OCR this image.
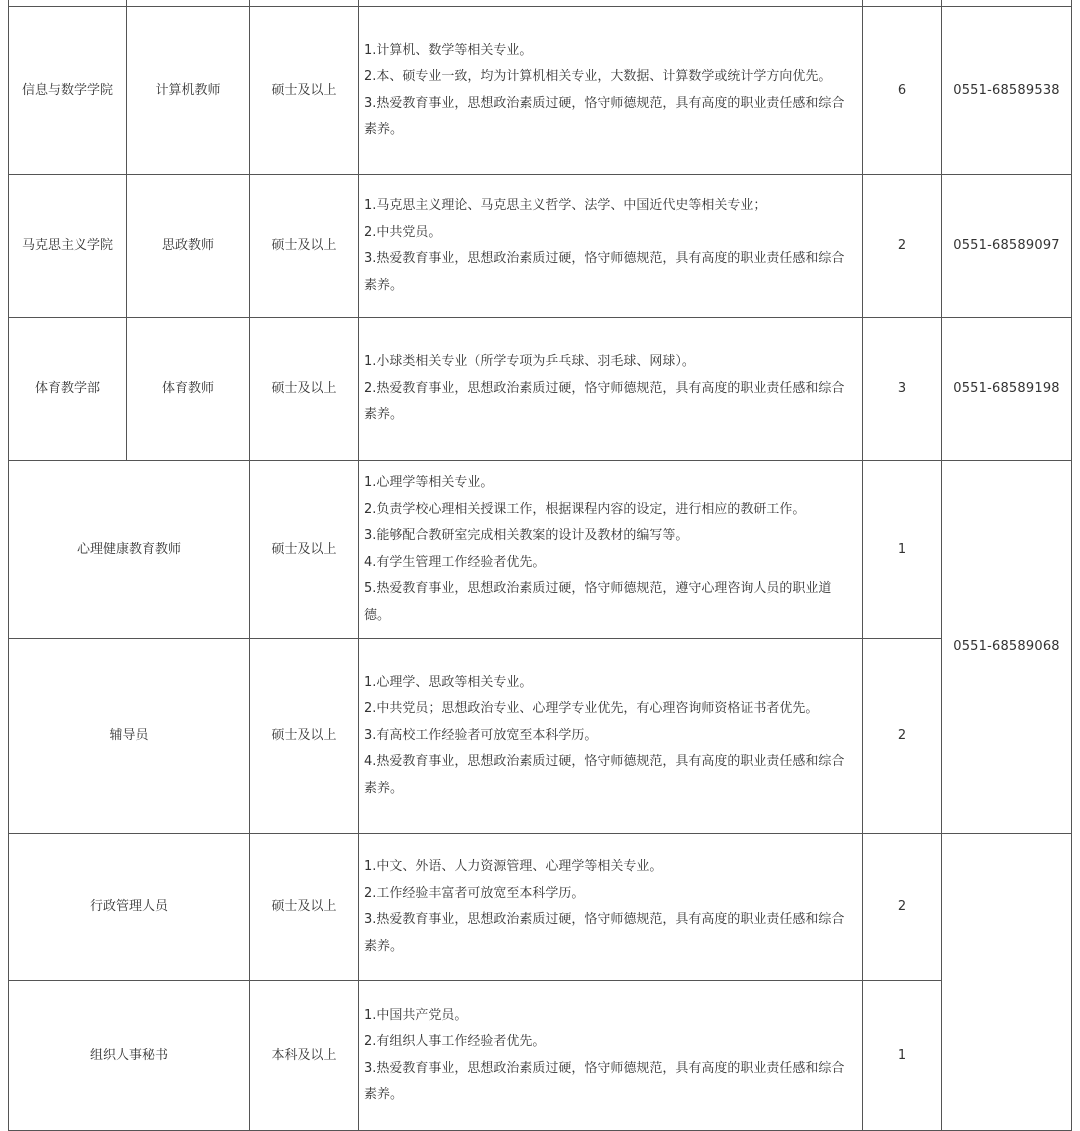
信息与数学学院	计算机教师	硕士及以上	1.计算机、数学等相关专业。
2.本、硕专业一致，均为计算机相关专业，大数据、计算数学或统计学方向优先。
3.热爱教育事业，思想政治素质过硬，恪守师德规范，具有高度的职业责任感和综合素养。	6	0551-68589538
马克思主义学院	思政教师	硕士及以上	1.马克思主义理论、马克思主义哲学、法学、中国近代史等相关专业；
2.中共党员。
3.热爱教育事业，思想政治素质过硬，恪守师德规范，具有高度的职业责任感和综合素养。	2	0551-68589097
体育教学部	体育教师	硕士及以上	1.小球类相关专业（所学专项为乒乓球、羽毛球、网球）。
2.热爱教育事业，思想政治素质过硬，恪守师德规范，具有高度的职业责任感和综合素养。	3	0551-68589198
心理健康教育教师		硕士及以上	1.心理学等相关专业。
2.负责学校心理相关授课工作，根据课程内容的设定，进行相应的教研工作。
3.能够配合教研室完成相关教案的设计及教材的编写等。
4.有学生管理工作经验者优先。
5.热爱教育事业，思想政治素质过硬，恪守师德规范，遵守心理咨询人员的职业道德。	1	0551-68589068
辅导员		硕士及以上	1.心理学、思政等相关专业。
2.中共党员；思想政治专业、心理学专业优先，有心理咨询师资格证书者优先。
3.有高校工作经验者可放宽至本科学历。
4.热爱教育事业，思想政治素质过硬，恪守师德规范，具有高度的职业责任感和综合素养。	2	
行政管理人员		硕士及以上	1.中文、外语、人力资源管理、心理学等相关专业。
2.工作经验丰富者可放宽至本科学历。
3.热爱教育事业，思想政治素质过硬，恪守师德规范，具有高度的职业责任感和综合素养。	2	
组织人事秘书		本科及以上	1.中国共产党员。
2.有组织人事工作经验者优先。
3.热爱教育事业，思想政治素质过硬，恪守师德规范，具有高度的职业责任感和综合素养。	1	
